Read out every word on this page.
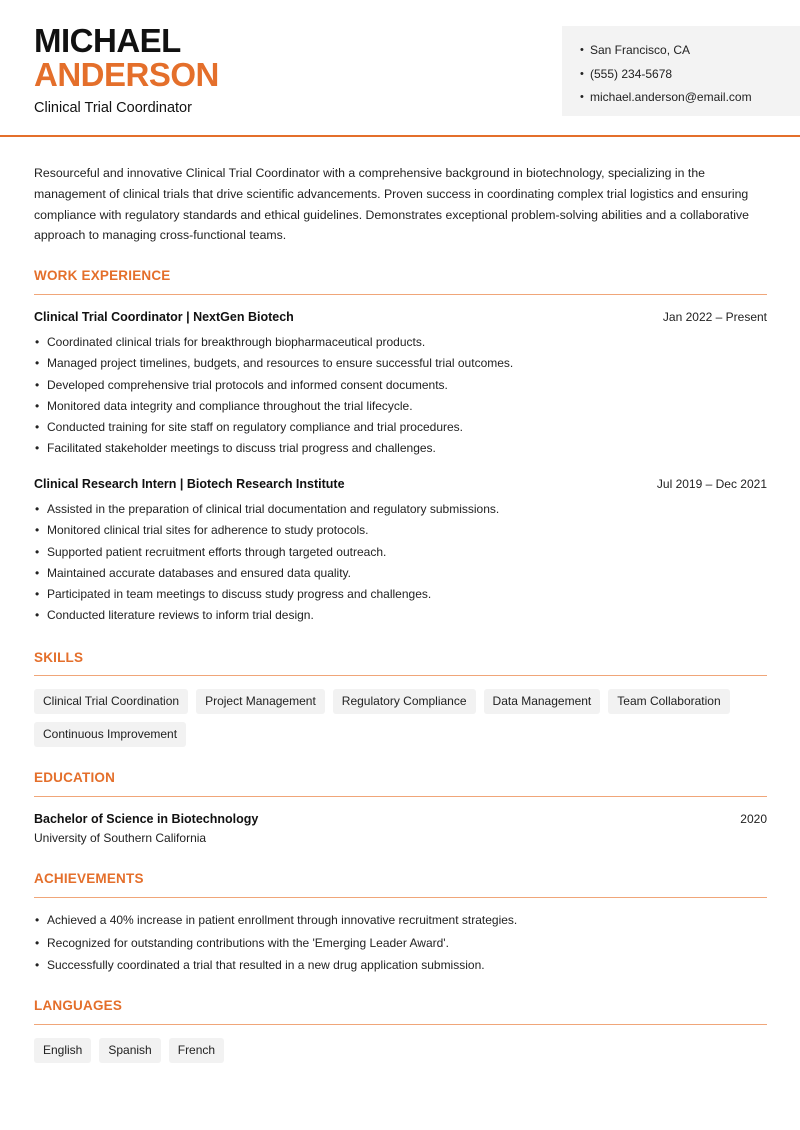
MICHAEL
ANDERSON
Clinical Trial Coordinator
• San Francisco, CA
• (555) 234-5678
• michael.anderson@email.com

Resourceful and innovative Clinical Trial Coordinator with a comprehensive background in biotechnology, specializing in the management of clinical trials that drive scientific advancements. Proven success in coordinating complex trial logistics and ensuring compliance with regulatory standards and ethical guidelines. Demonstrates exceptional problem-solving abilities and a collaborative approach to managing cross-functional teams.

WORK EXPERIENCE
Clinical Trial Coordinator | NextGen Biotech	Jan 2022 – Present
• Coordinated clinical trials for breakthrough biopharmaceutical products.
• Managed project timelines, budgets, and resources to ensure successful trial outcomes.
• Developed comprehensive trial protocols and informed consent documents.
• Monitored data integrity and compliance throughout the trial lifecycle.
• Conducted training for site staff on regulatory compliance and trial procedures.
• Facilitated stakeholder meetings to discuss trial progress and challenges.
Clinical Research Intern | Biotech Research Institute	Jul 2019 – Dec 2021
• Assisted in the preparation of clinical trial documentation and regulatory submissions.
• Monitored clinical trial sites for adherence to study protocols.
• Supported patient recruitment efforts through targeted outreach.
• Maintained accurate databases and ensured data quality.
• Participated in team meetings to discuss study progress and challenges.
• Conducted literature reviews to inform trial design.
SKILLS
Clinical Trial Coordination	Project Management	Regulatory Compliance	Data Management	Team Collaboration
Continuous Improvement
EDUCATION
Bachelor of Science in Biotechnology	2020
University of Southern California
ACHIEVEMENTS
• Achieved a 40% increase in patient enrollment through innovative recruitment strategies.
• Recognized for outstanding contributions with the 'Emerging Leader Award'.
• Successfully coordinated a trial that resulted in a new drug application submission.
LANGUAGES
English	Spanish	French
